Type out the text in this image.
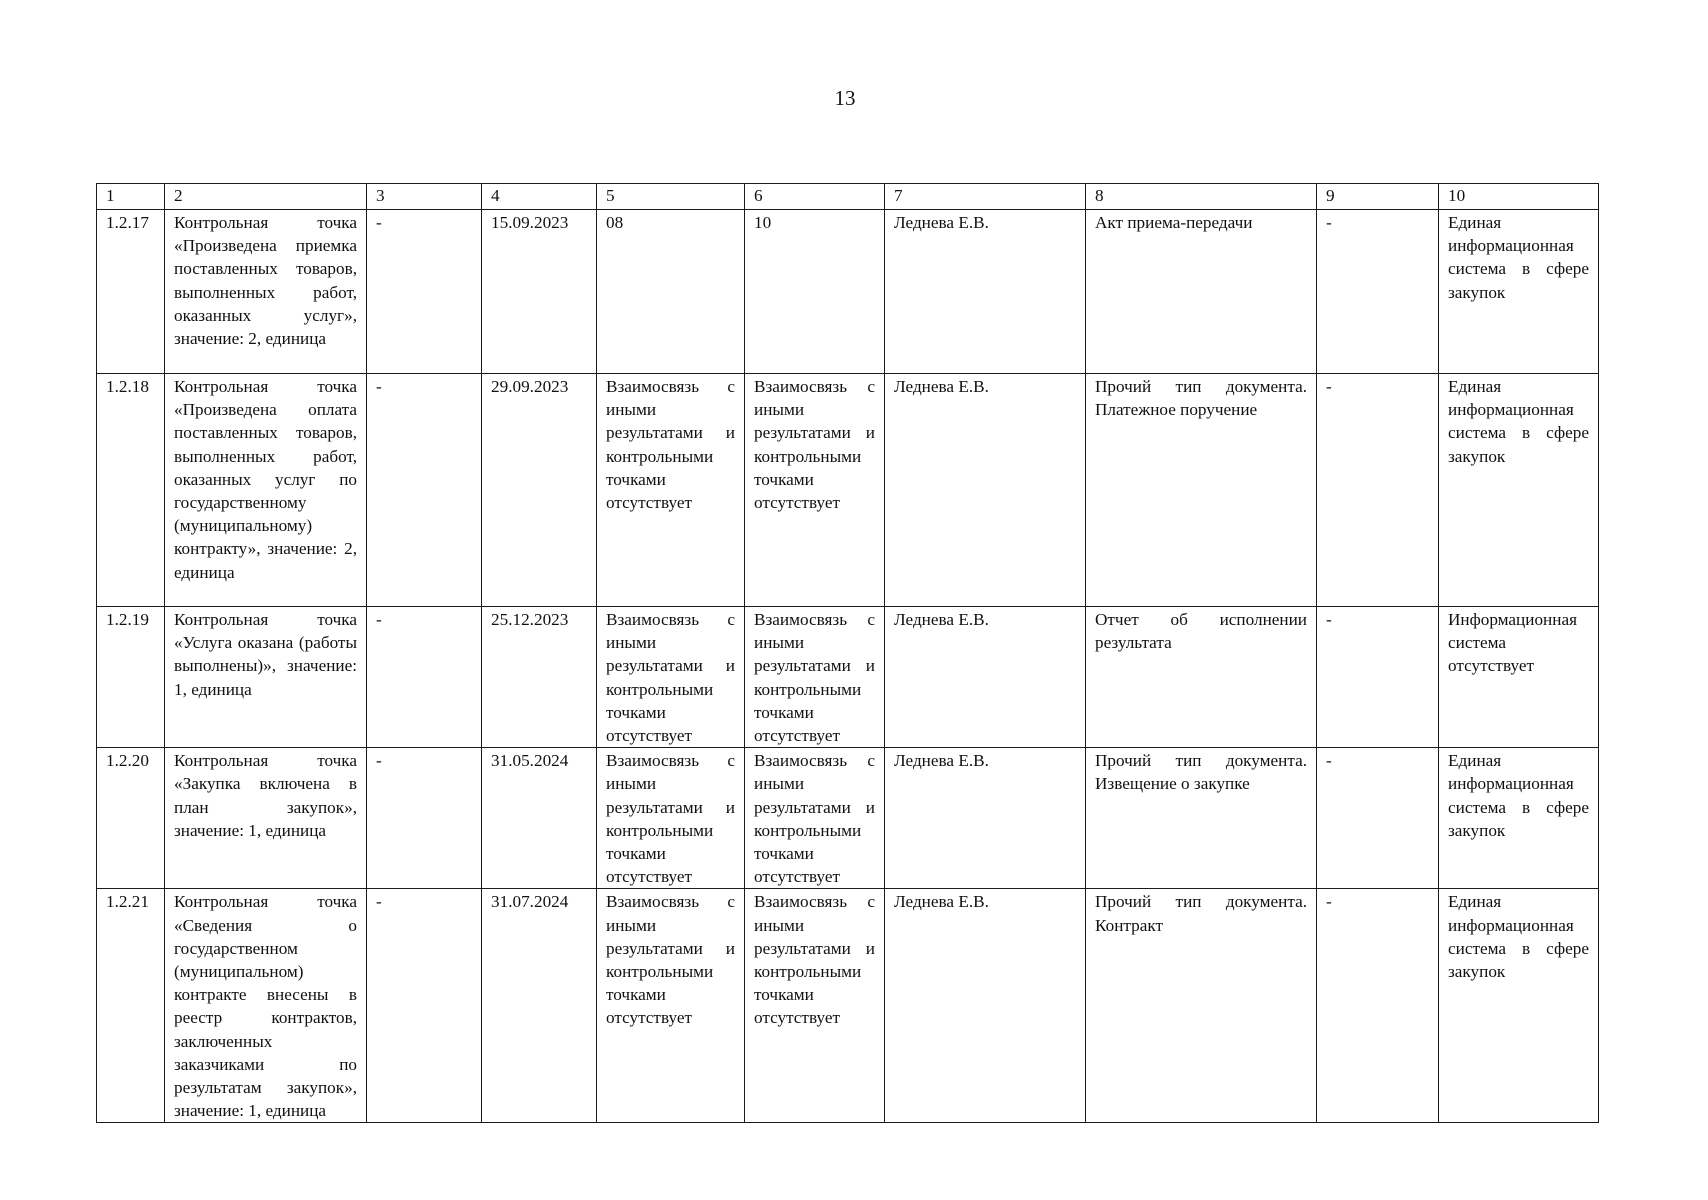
13
1	2	3	4	5	6	7	8	9	10
1.2.17	Контрольная точка «Произведена приемка поставленных товаров, выполненных работ, оказанных услуг», значение: 2, единица	-	15.09.2023	08	10	Леднева Е.В.	Акт приема-передачи	-	Единая информационная система в сфере закупок
1.2.18	Контрольная точка «Произведена оплата поставленных товаров, выполненных работ, оказанных услуг по государственному (муниципальному) контракту», значение: 2, единица	-	29.09.2023	Взаимосвязь с иными результатами и контрольными точками отсутствует	Взаимосвязь с иными результатами и контрольными точками отсутствует	Леднева Е.В.	Прочий тип документа. Платежное поручение	-	Единая информационная система в сфере закупок
1.2.19	Контрольная точка «Услуга оказана (работы выполнены)», значение: 1, единица	-	25.12.2023	Взаимосвязь с иными результатами и контрольными точками отсутствует	Взаимосвязь с иными результатами и контрольными точками отсутствует	Леднева Е.В.	Отчет об исполнении результата	-	Информационная система отсутствует
1.2.20	Контрольная точка «Закупка включена в план закупок», значение: 1, единица	-	31.05.2024	Взаимосвязь с иными результатами и контрольными точками отсутствует	Взаимосвязь с иными результатами и контрольными точками отсутствует	Леднева Е.В.	Прочий тип документа. Извещение о закупке	-	Единая информационная система в сфере закупок
1.2.21	Контрольная точка «Сведения о государственном (муниципальном) контракте внесены в реестр контрактов, заключенных заказчиками по результатам закупок», значение: 1, единица	-	31.07.2024	Взаимосвязь с иными результатами и контрольными точками отсутствует	Взаимосвязь с иными результатами и контрольными точками отсутствует	Леднева Е.В.	Прочий тип документа. Контракт	-	Единая информационная система в сфере закупок
